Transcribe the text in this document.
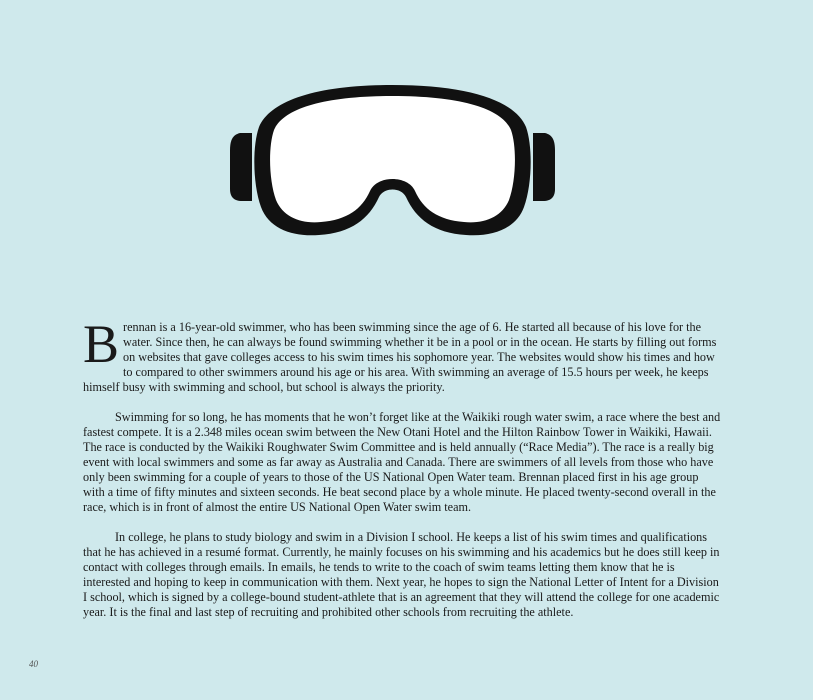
Brennan is a 16-year-old swimmer, who has been swimming since the age of 6. He started all because of his love for the water. Since then, he can always be found swimming whether it be in a pool or in the ocean. He starts by filling out forms on websites that gave colleges access to his swim times his sophomore year. The websites would show his times and how to compared to other swimmers around his age or his area. With swimming an average of 15.5 hours per week, he keeps himself busy with swimming and school, but school is always the priority.

Swimming for so long, he has moments that he won’t forget like at the Waikiki rough water swim, a race where the best and fastest compete. It is a 2.348 miles ocean swim between the New Otani Hotel and the Hilton Rainbow Tower in Waikiki, Hawaii. The race is conducted by the Waikiki Roughwater Swim Committee and is held annually (“Race Media”). The race is a really big event with local swimmers and some as far away as Australia and Canada. There are swimmers of all levels from those who have only been swimming for a couple of years to those of the US National Open Water team. Brennan placed first in his age group with a time of fifty minutes and sixteen seconds. He beat second place by a whole minute. He placed twenty-second overall in the race, which is in front of almost the entire US National Open Water swim team.

In college, he plans to study biology and swim in a Division I school. He keeps a list of his swim times and qualifications that he has achieved in a resumé format. Currently, he mainly focuses on his swimming and his academics but he does still keep in contact with colleges through emails. In emails, he tends to write to the coach of swim teams letting them know that he is interested and hoping to keep in communication with them. Next year, he hopes to sign the National Letter of Intent for a Division I school, which is signed by a college-bound student-athlete that is an agreement that they will attend the college for one academic year. It is the final and last step of recruiting and prohibited other schools from recruiting the athlete.

40
